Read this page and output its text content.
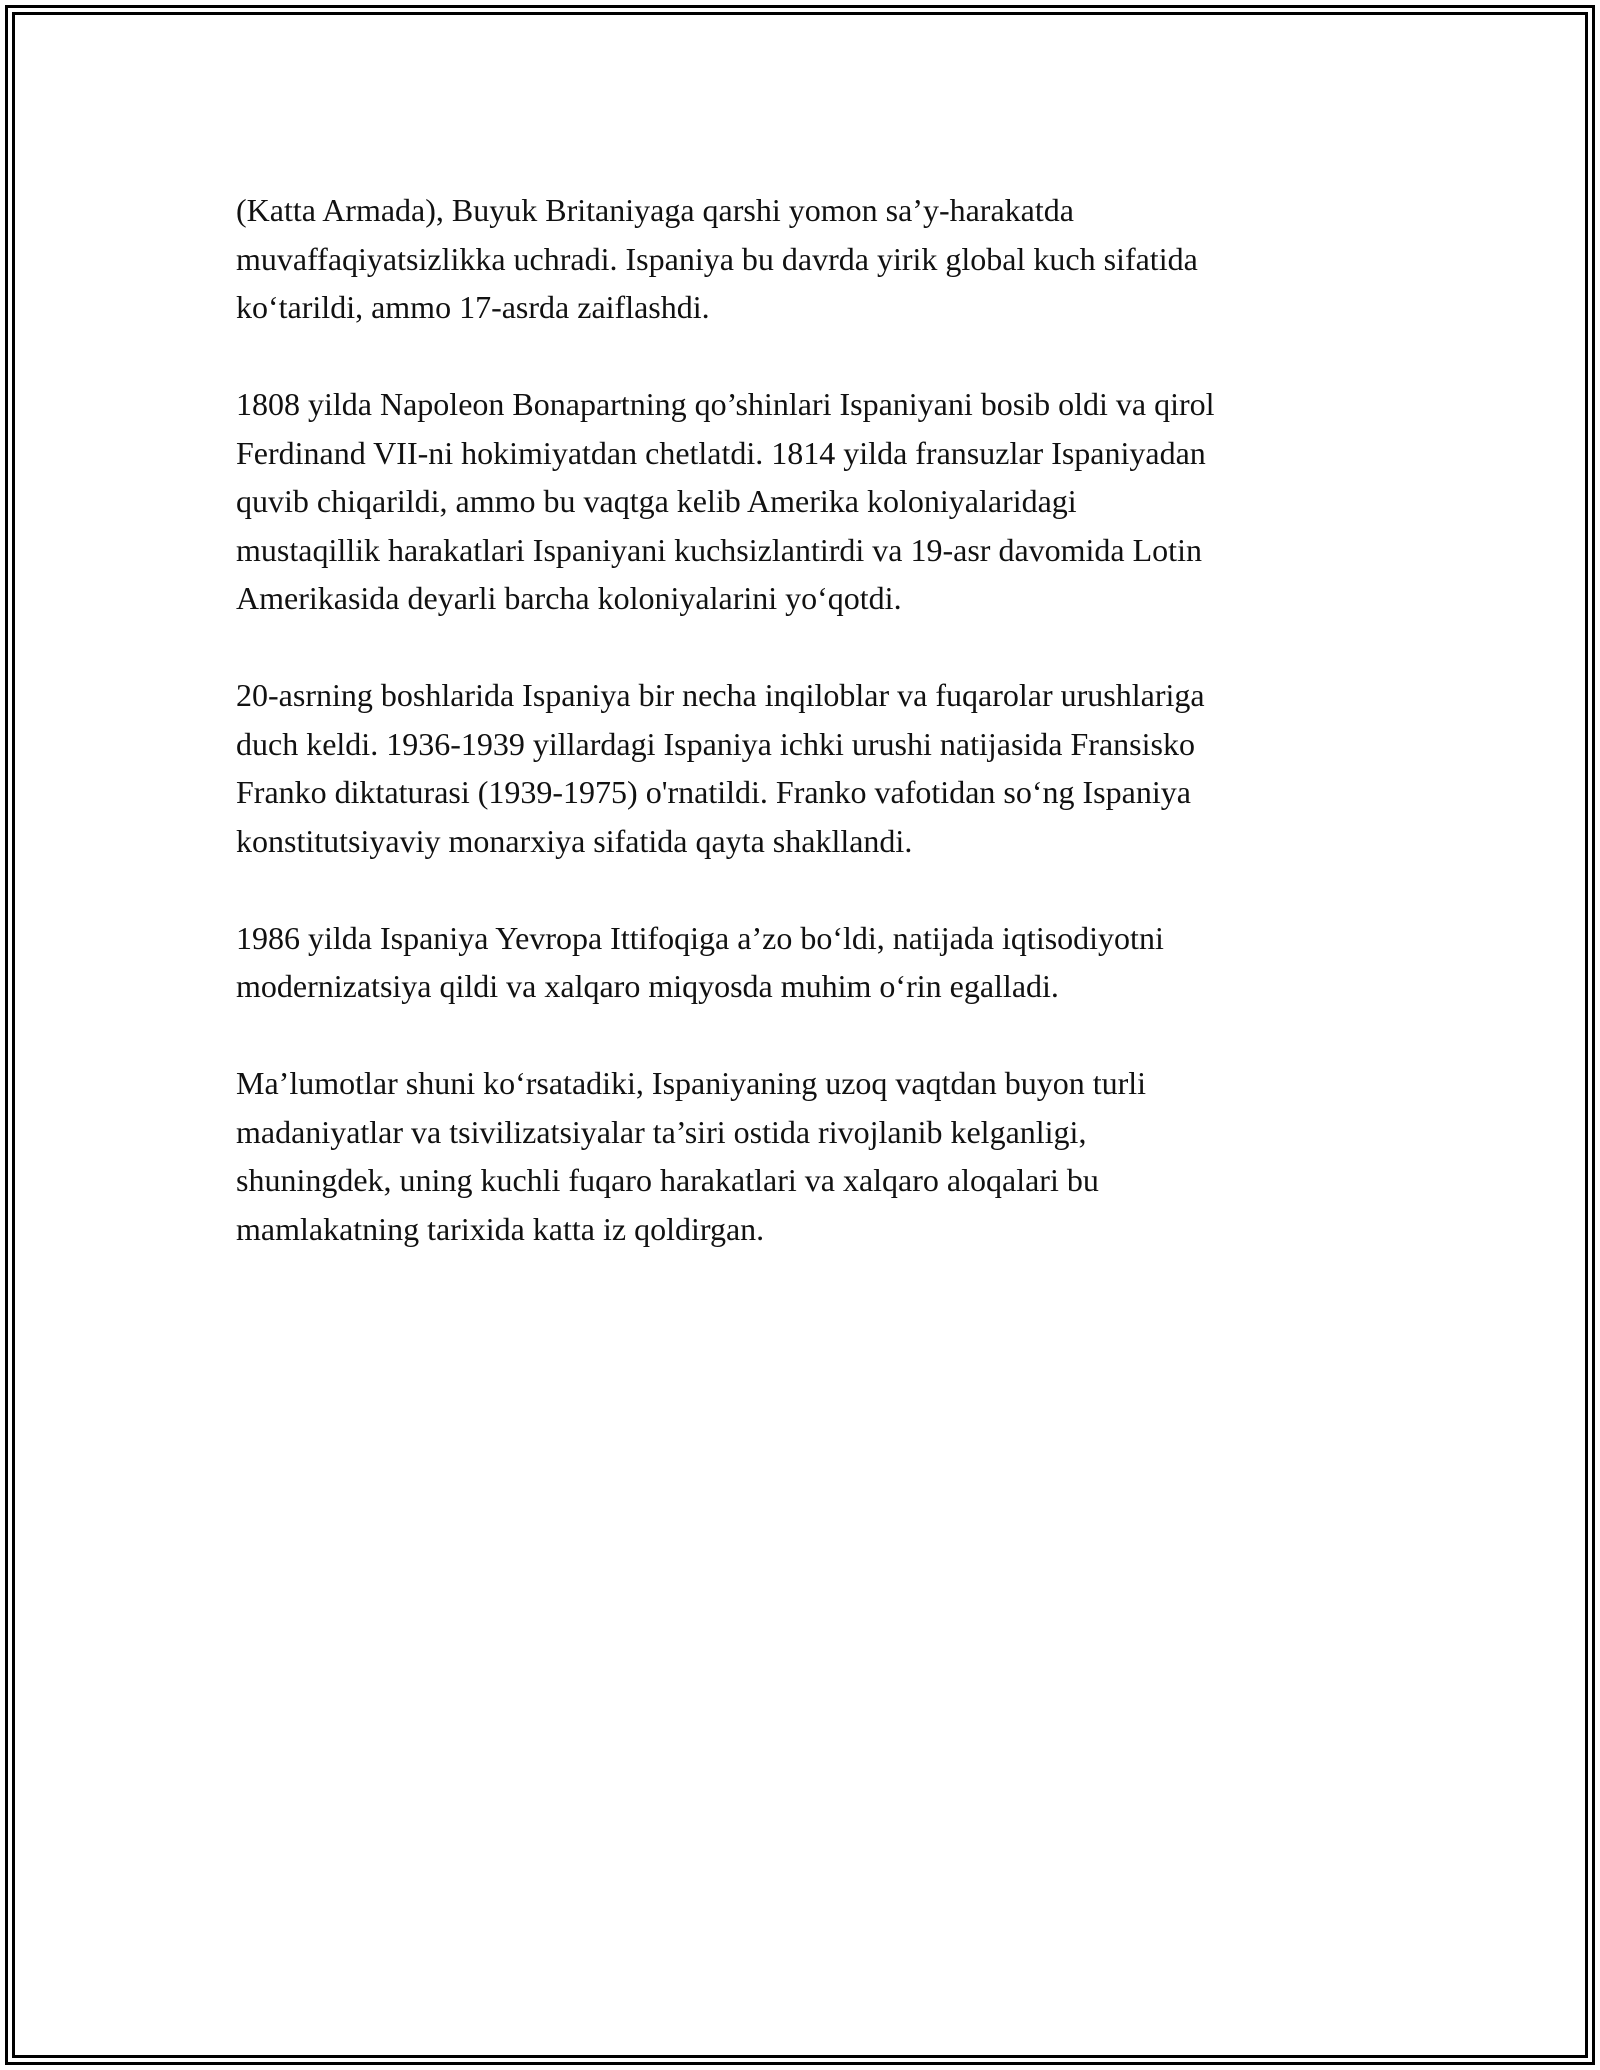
(Katta Armada), Buyuk Britaniyaga qarshi yomon sa’y-harakatda
muvaffaqiyatsizlikka uchradi. Ispaniya bu davrda yirik global kuch sifatida
ko‘tarildi, ammo 17-asrda zaiflashdi.

1808 yilda Napoleon Bonapartning qo’shinlari Ispaniyani bosib oldi va qirol
Ferdinand VII-ni hokimiyatdan chetlatdi. 1814 yilda fransuzlar Ispaniyadan
quvib chiqarildi, ammo bu vaqtga kelib Amerika koloniyalaridagi
mustaqillik harakatlari Ispaniyani kuchsizlantirdi va 19-asr davomida Lotin
Amerikasida deyarli barcha koloniyalarini yo‘qotdi.

20-asrning boshlarida Ispaniya bir necha inqiloblar va fuqarolar urushlariga
duch keldi. 1936-1939 yillardagi Ispaniya ichki urushi natijasida Fransisko
Franko diktaturasi (1939-1975) o'rnatildi. Franko vafotidan so‘ng Ispaniya
konstitutsiyaviy monarxiya sifatida qayta shakllandi.

1986 yilda Ispaniya Yevropa Ittifoqiga a’zo bo‘ldi, natijada iqtisodiyotni
modernizatsiya qildi va xalqaro miqyosda muhim o‘rin egalladi.

Ma’lumotlar shuni ko‘rsatadiki, Ispaniyaning uzoq vaqtdan buyon turli
madaniyatlar va tsivilizatsiyalar ta’siri ostida rivojlanib kelganligi,
shuningdek, uning kuchli fuqaro harakatlari va xalqaro aloqalari bu
mamlakatning tarixida katta iz qoldirgan.
